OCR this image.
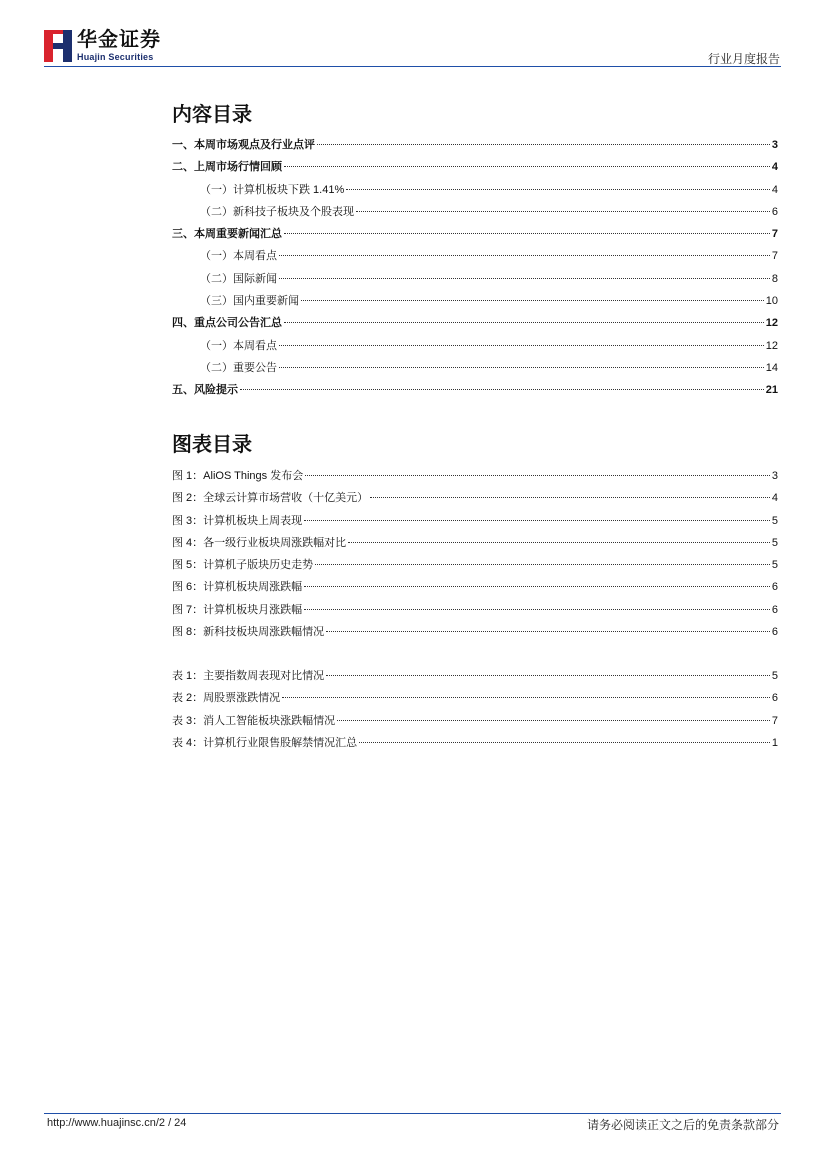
华金证券
Huajin Securities	行业月度报告
内容目录
一、本周市场观点及行业点评	3
二、上周市场行情回顾	4
（一）计算机板块下跌 1.41%	4
（二）新科技子板块及个股表现	6
三、本周重要新闻汇总	7
（一）本周看点	7
（二）国际新闻	8
（三）国内重要新闻	10
四、重点公司公告汇总	12
（一）本周看点	12
（二）重要公告	14
五、风险提示	21
图表目录
图 1：AliOS Things 发布会	3
图 2：全球云计算市场营收（十亿美元）	4
图 3：计算机板块上周表现	5
图 4：各一级行业板块周涨跌幅对比	5
图 5：计算机子版块历史走势	5
图 6：计算机板块周涨跌幅	6
图 7：计算机板块月涨跌幅	6
图 8：新科技板块周涨跌幅情况	6
表 1：主要指数周表现对比情况	5
表 2：周股票涨跌情况	6
表 3：消人工智能板块涨跌幅情况	7
表 4：计算机行业限售股解禁情况汇总	1
http://www.huajinsc.cn/2 / 24	请务必阅读正文之后的免责条款部分
